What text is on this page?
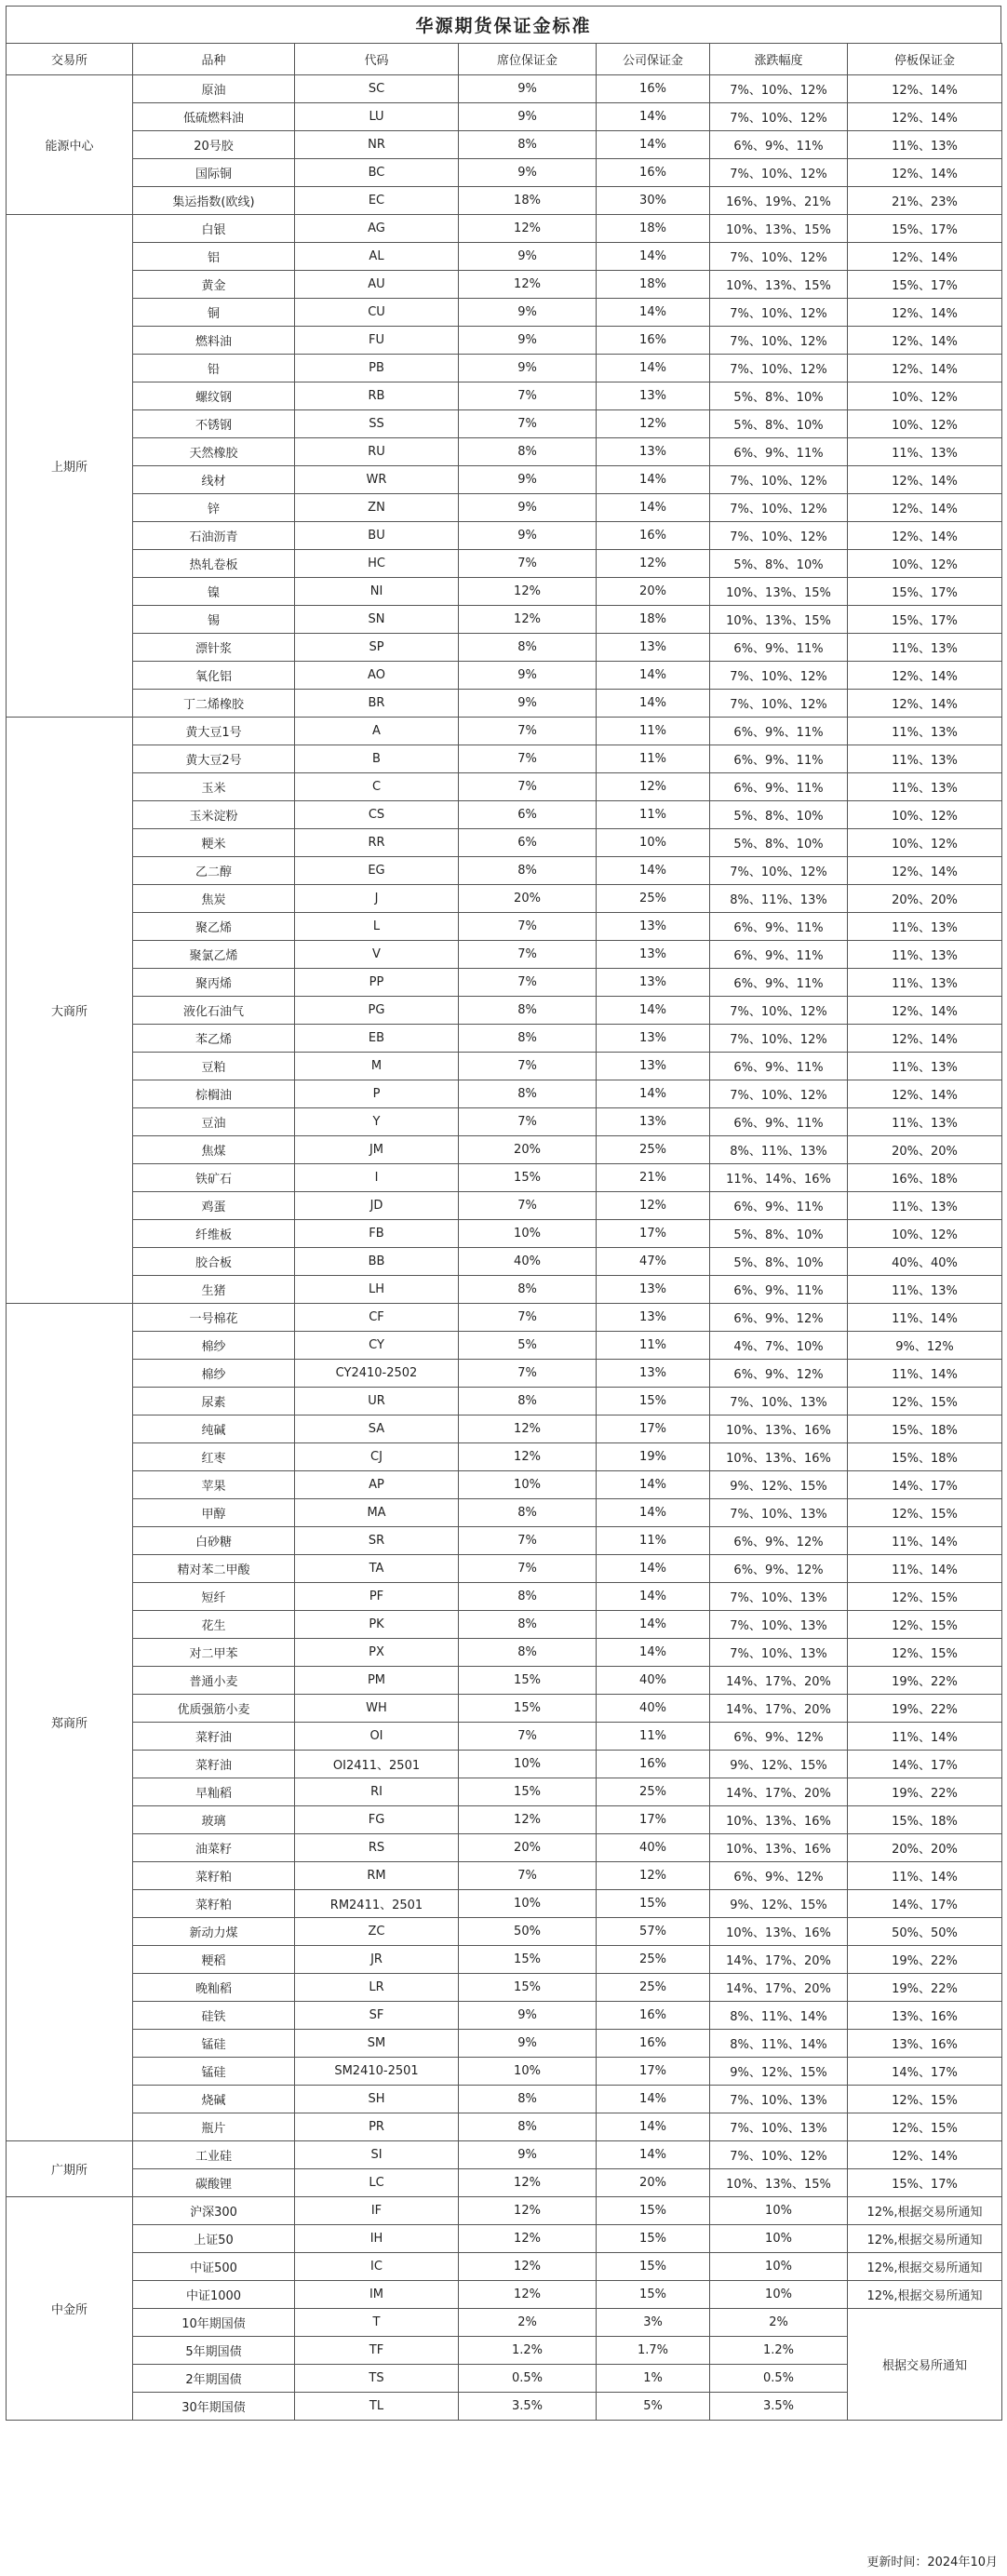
华源期货保证金标准
交易所	品种	代码	席位保证金	公司保证金	涨跌幅度	停板保证金
能源中心	原油	SC	9%	16%	7%、10%、12%	12%、14%
	低硫燃料油	LU	9%	14%	7%、10%、12%	12%、14%
	20号胶	NR	8%	14%	6%、9%、11%	11%、13%
	国际铜	BC	9%	16%	7%、10%、12%	12%、14%
	集运指数(欧线)	EC	18%	30%	16%、19%、21%	21%、23%
上期所	白银	AG	12%	18%	10%、13%、15%	15%、17%
	铝	AL	9%	14%	7%、10%、12%	12%、14%
	黄金	AU	12%	18%	10%、13%、15%	15%、17%
	铜	CU	9%	14%	7%、10%、12%	12%、14%
	燃料油	FU	9%	16%	7%、10%、12%	12%、14%
	铅	PB	9%	14%	7%、10%、12%	12%、14%
	螺纹钢	RB	7%	13%	5%、8%、10%	10%、12%
	不锈钢	SS	7%	12%	5%、8%、10%	10%、12%
	天然橡胶	RU	8%	13%	6%、9%、11%	11%、13%
	线材	WR	9%	14%	7%、10%、12%	12%、14%
	锌	ZN	9%	14%	7%、10%、12%	12%、14%
	石油沥青	BU	9%	16%	7%、10%、12%	12%、14%
	热轧卷板	HC	7%	12%	5%、8%、10%	10%、12%
	镍	NI	12%	20%	10%、13%、15%	15%、17%
	锡	SN	12%	18%	10%、13%、15%	15%、17%
	漂针浆	SP	8%	13%	6%、9%、11%	11%、13%
	氧化铝	AO	9%	14%	7%、10%、12%	12%、14%
	丁二烯橡胶	BR	9%	14%	7%、10%、12%	12%、14%
大商所	黄大豆1号	A	7%	11%	6%、9%、11%	11%、13%
	黄大豆2号	B	7%	11%	6%、9%、11%	11%、13%
	玉米	C	7%	12%	6%、9%、11%	11%、13%
	玉米淀粉	CS	6%	11%	5%、8%、10%	10%、12%
	粳米	RR	6%	10%	5%、8%、10%	10%、12%
	乙二醇	EG	8%	14%	7%、10%、12%	12%、14%
	焦炭	J	20%	25%	8%、11%、13%	20%、20%
	聚乙烯	L	7%	13%	6%、9%、11%	11%、13%
	聚氯乙烯	V	7%	13%	6%、9%、11%	11%、13%
	聚丙烯	PP	7%	13%	6%、9%、11%	11%、13%
	液化石油气	PG	8%	14%	7%、10%、12%	12%、14%
	苯乙烯	EB	8%	13%	7%、10%、12%	12%、14%
	豆粕	M	7%	13%	6%、9%、11%	11%、13%
	棕榈油	P	8%	14%	7%、10%、12%	12%、14%
	豆油	Y	7%	13%	6%、9%、11%	11%、13%
	焦煤	JM	20%	25%	8%、11%、13%	20%、20%
	铁矿石	I	15%	21%	11%、14%、16%	16%、18%
	鸡蛋	JD	7%	12%	6%、9%、11%	11%、13%
	纤维板	FB	10%	17%	5%、8%、10%	10%、12%
	胶合板	BB	40%	47%	5%、8%、10%	40%、40%
	生猪	LH	8%	13%	6%、9%、11%	11%、13%
郑商所	一号棉花	CF	7%	13%	6%、9%、12%	11%、14%
	棉纱	CY	5%	11%	4%、7%、10%	9%、12%
	棉纱	CY2410-2502	7%	13%	6%、9%、12%	11%、14%
	尿素	UR	8%	15%	7%、10%、13%	12%、15%
	纯碱	SA	12%	17%	10%、13%、16%	15%、18%
	红枣	CJ	12%	19%	10%、13%、16%	15%、18%
	苹果	AP	10%	14%	9%、12%、15%	14%、17%
	甲醇	MA	8%	14%	7%、10%、13%	12%、15%
	白砂糖	SR	7%	11%	6%、9%、12%	11%、14%
	精对苯二甲酸	TA	7%	14%	6%、9%、12%	11%、14%
	短纤	PF	8%	14%	7%、10%、13%	12%、15%
	花生	PK	8%	14%	7%、10%、13%	12%、15%
	对二甲苯	PX	8%	14%	7%、10%、13%	12%、15%
	普通小麦	PM	15%	40%	14%、17%、20%	19%、22%
	优质强筋小麦	WH	15%	40%	14%、17%、20%	19%、22%
	菜籽油	OI	7%	11%	6%、9%、12%	11%、14%
	菜籽油	OI2411、2501	10%	16%	9%、12%、15%	14%、17%
	早籼稻	RI	15%	25%	14%、17%、20%	19%、22%
	玻璃	FG	12%	17%	10%、13%、16%	15%、18%
	油菜籽	RS	20%	40%	10%、13%、16%	20%、20%
	菜籽粕	RM	7%	12%	6%、9%、12%	11%、14%
	菜籽粕	RM2411、2501	10%	15%	9%、12%、15%	14%、17%
	新动力煤	ZC	50%	57%	10%、13%、16%	50%、50%
	粳稻	JR	15%	25%	14%、17%、20%	19%、22%
	晚籼稻	LR	15%	25%	14%、17%、20%	19%、22%
	硅铁	SF	9%	16%	8%、11%、14%	13%、16%
	锰硅	SM	9%	16%	8%、11%、14%	13%、16%
	锰硅	SM2410-2501	10%	17%	9%、12%、15%	14%、17%
	烧碱	SH	8%	14%	7%、10%、13%	12%、15%
	瓶片	PR	8%	14%	7%、10%、13%	12%、15%
广期所	工业硅	SI	9%	14%	7%、10%、12%	12%、14%
	碳酸锂	LC	12%	20%	10%、13%、15%	15%、17%
中金所	沪深300	IF	12%	15%	10%	12%,根据交易所通知
	上证50	IH	12%	15%	10%	12%,根据交易所通知
	中证500	IC	12%	15%	10%	12%,根据交易所通知
	中证1000	IM	12%	15%	10%	12%,根据交易所通知
	10年期国债	T	2%	3%	2%	根据交易所通知
	5年期国债	TF	1.2%	1.7%	1.2%	
	2年期国债	TS	0.5%	1%	0.5%	
	30年期国债	TL	3.5%	5%	3.5%	
更新时间：2024年10月
